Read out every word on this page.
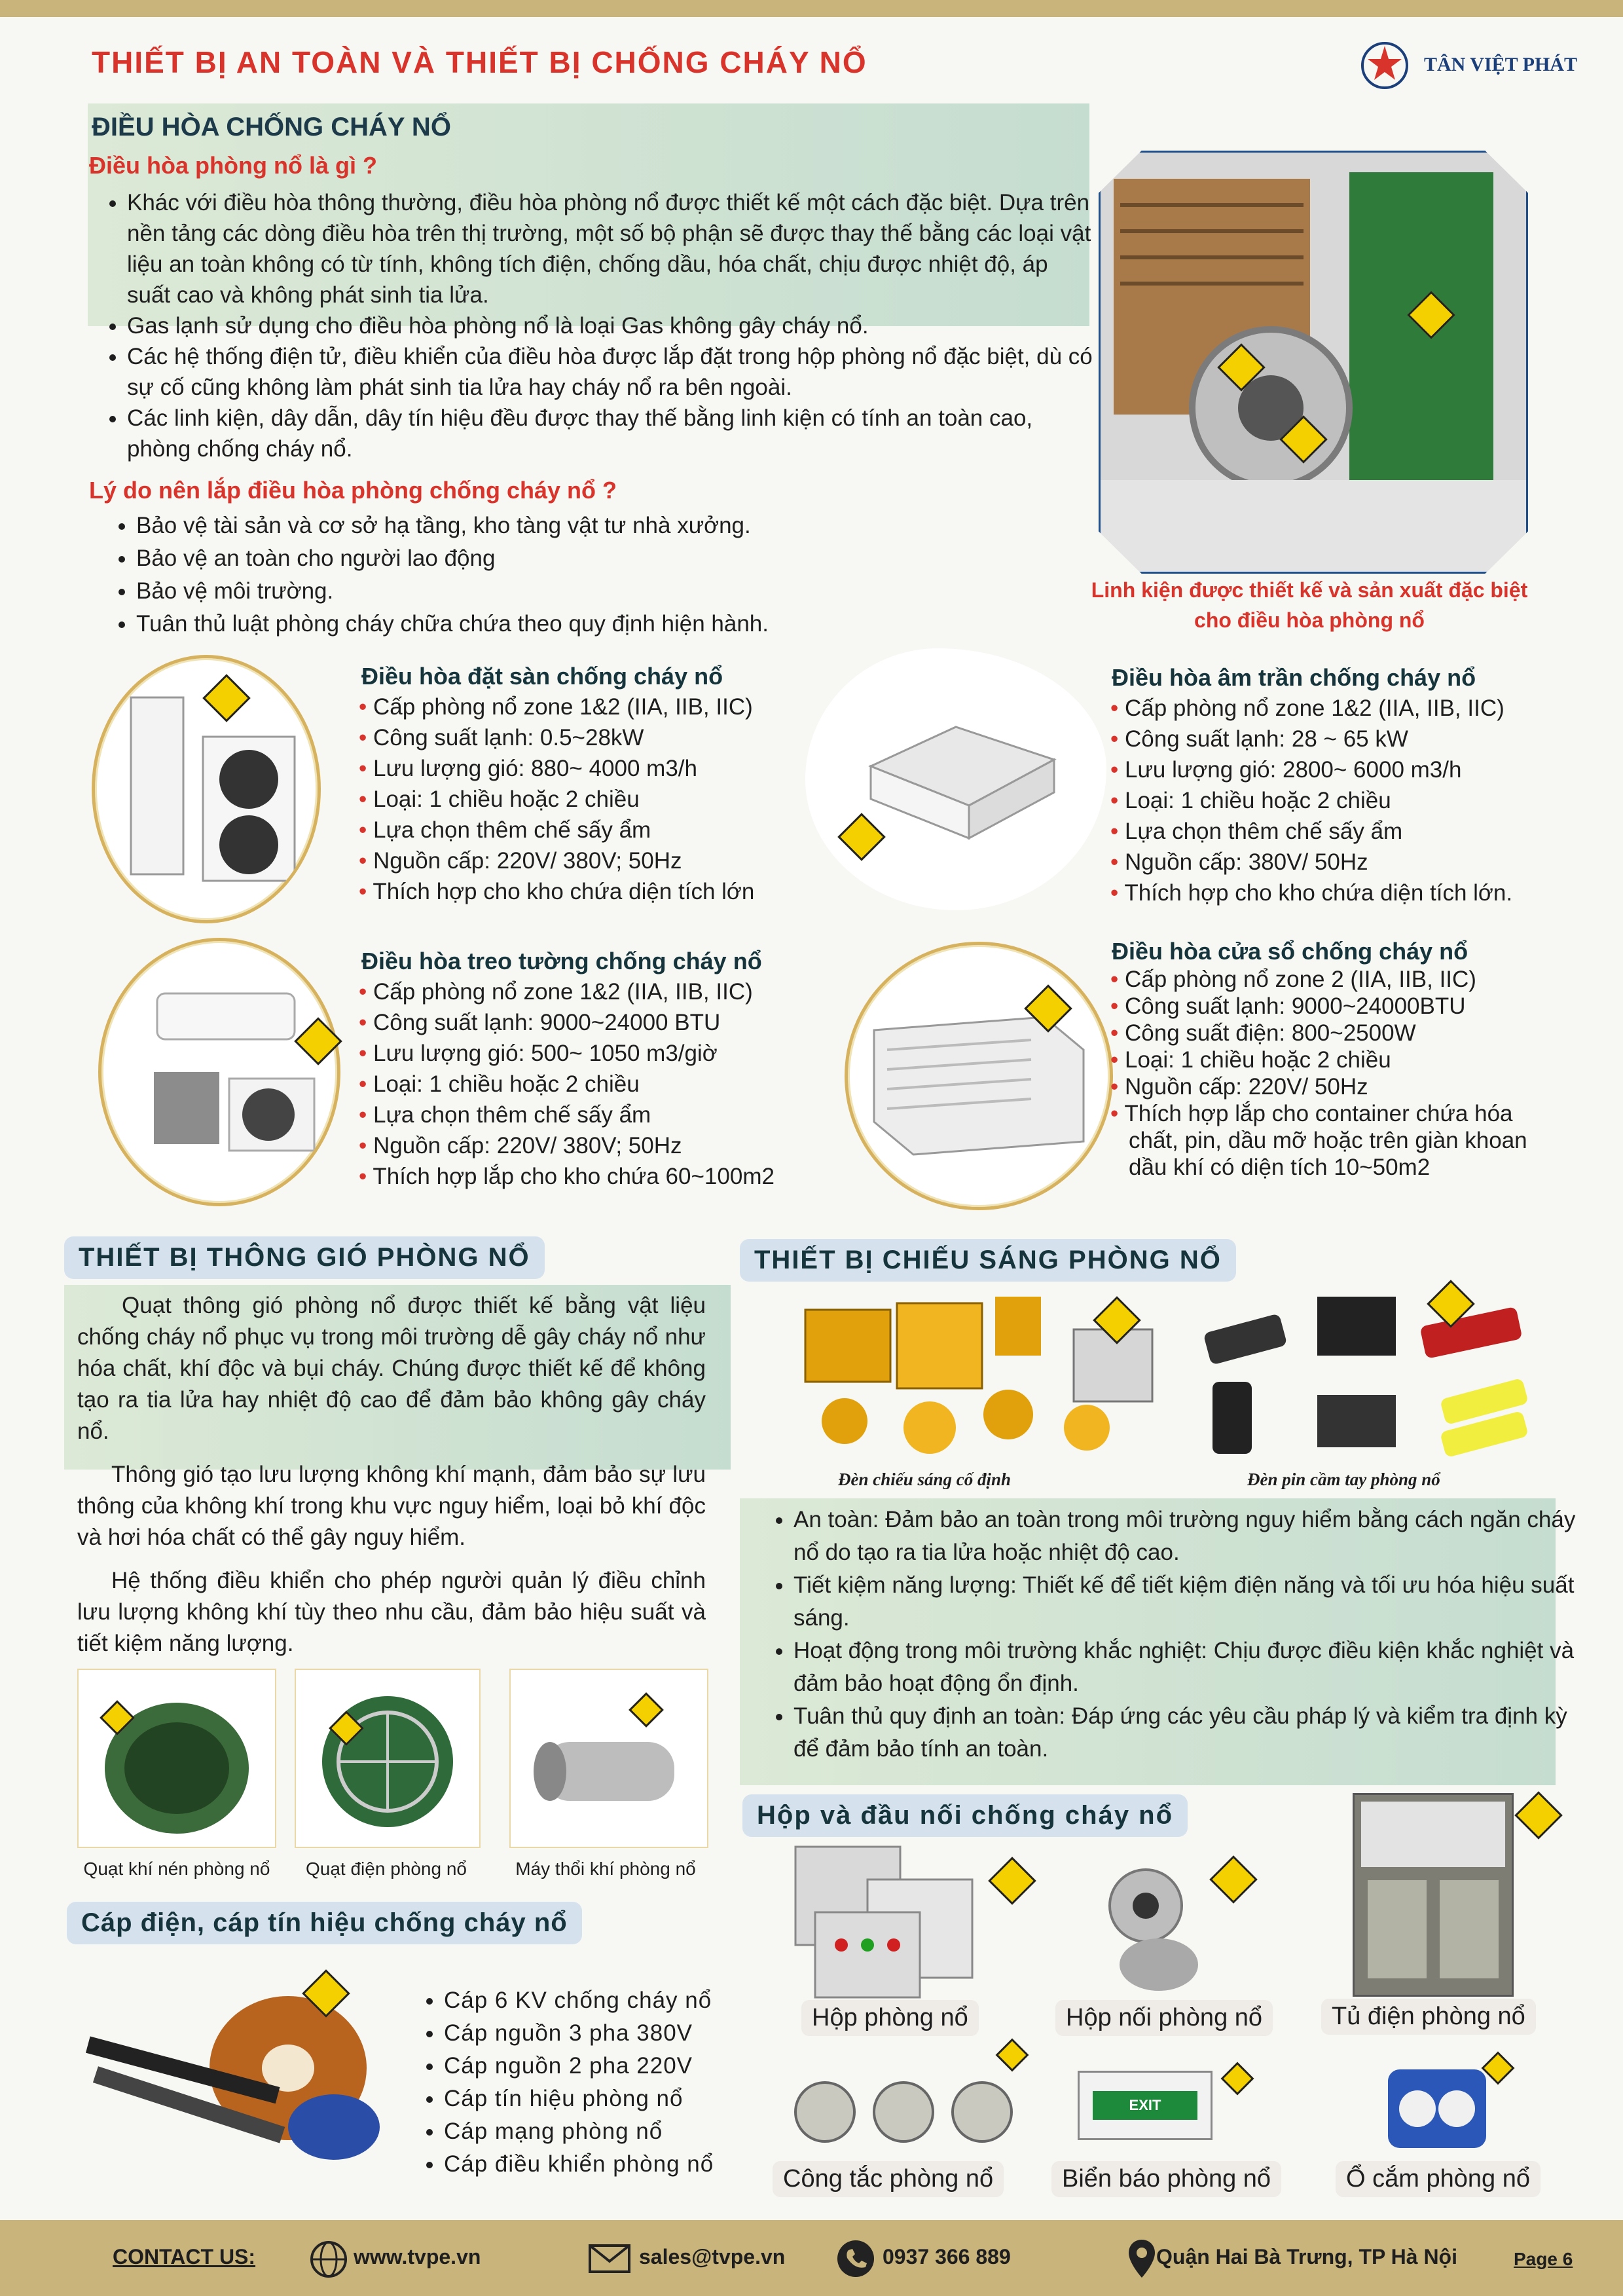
THIẾT BỊ AN TOÀN VÀ THIẾT BỊ CHỐNG CHÁY NỔ	TÂN VIỆT PHÁT
ĐIỀU HÒA CHỐNG CHÁY NỔ
Điều hòa phòng nổ là gì ?
• Khác với điều hòa thông thường, điều hòa phòng nổ được thiết kế một cách đặc biệt. Dựa trên nền tảng các dòng điều hòa trên thị trường, một số bộ phận sẽ được thay thế bằng các loại vật liệu an toàn không có từ tính, không tích điện, chống dầu, hóa chất, chịu được nhiệt độ, áp suất cao và không phát sinh tia lửa.
• Gas lạnh sử dụng cho điều hòa phòng nổ là loại Gas không gây cháy nổ.
• Các hệ thống điện tử, điều khiển của điều hòa được lắp đặt trong hộp phòng nổ đặc biệt, dù có sự cố cũng không làm phát sinh tia lửa hay cháy nổ ra bên ngoài.
• Các linh kiện, dây dẫn, dây tín hiệu đều được thay thế bằng linh kiện có tính an toàn cao, phòng chống cháy nổ.
Lý do nên lắp điều hòa phòng chống cháy nổ ?
• Bảo vệ tài sản và cơ sở hạ tầng, kho tàng vật tư nhà xưởng.
• Bảo vệ an toàn cho người lao động
• Bảo vệ môi trường.
• Tuân thủ luật phòng cháy chữa chứa theo quy định hiện hành.
Linh kiện được thiết kế và sản xuất đặc biệt cho điều hòa phòng nổ
Điều hòa đặt sàn chống cháy nổ
• Cấp phòng nổ zone 1&2 (IIA, IIB, IIC)
• Công suất lạnh: 0.5~28kW
• Lưu lượng gió: 880~ 4000 m3/h
• Loại: 1 chiều hoặc 2 chiều
• Lựa chọn thêm chế sấy ẩm
• Nguồn cấp: 220V/ 380V; 50Hz
• Thích hợp cho kho chứa diện tích lớn
Điều hòa âm trần chống cháy nổ
• Cấp phòng nổ zone 1&2 (IIA, IIB, IIC)
• Công suất lạnh: 28 ~ 65 kW
• Lưu lượng gió: 2800~ 6000 m3/h
• Loại: 1 chiều hoặc 2 chiều
• Lựa chọn thêm chế sấy ẩm
• Nguồn cấp: 380V/ 50Hz
• Thích hợp cho kho chứa diện tích lớn.
Điều hòa treo tường chống cháy nổ
• Cấp phòng nổ zone 1&2 (IIA, IIB, IIC)
• Công suất lạnh: 9000~24000 BTU
• Lưu lượng gió: 500~ 1050 m3/giờ
• Loại: 1 chiều hoặc 2 chiều
• Lựa chọn thêm chế sấy ẩm
• Nguồn cấp: 220V/ 380V; 50Hz
• Thích hợp lắp cho kho chứa 60~100m2
Điều hòa cửa sổ chống cháy nổ
• Cấp phòng nổ zone 2 (IIA, IIB, IIC)
• Công suất lạnh: 9000~24000BTU
• Công suất điện: 800~2500W
• Loại: 1 chiều hoặc 2 chiều
• Nguồn cấp: 220V/ 50Hz
• Thích hợp lắp cho container chứa hóa chất, pin, dầu mỡ hoặc trên giàn khoan dầu khí có diện tích 10~50m2
THIẾT BỊ THÔNG GIÓ PHÒNG NỔ
Quạt thông gió phòng nổ được thiết kế bằng vật liệu chống cháy nổ phục vụ trong môi trường dễ gây cháy nổ như hóa chất, khí độc và bụi cháy. Chúng được thiết kế để không tạo ra tia lửa hay nhiệt độ cao để đảm bảo không gây cháy nổ.
Thông gió tạo lưu lượng không khí mạnh, đảm bảo sự lưu thông của không khí trong khu vực nguy hiểm, loại bỏ khí độc và hơi hóa chất có thể gây nguy hiểm.
Hệ thống điều khiển cho phép người quản lý điều chỉnh lưu lượng không khí tùy theo nhu cầu, đảm bảo hiệu suất và tiết kiệm năng lượng.
Quạt khí nén phòng nổ	Quạt điện phòng nổ	Máy thổi khí phòng nổ
Cáp điện, cáp tín hiệu chống cháy nổ
• Cáp 6 KV chống cháy nổ
• Cáp nguồn 3 pha 380V
• Cáp nguồn 2 pha 220V
• Cáp tín hiệu phòng nổ
• Cáp mạng phòng nổ
• Cáp điều khiển phòng nổ
THIẾT BỊ CHIẾU SÁNG PHÒNG NỔ
Đèn chiếu sáng cố định	Đèn pin cầm tay phòng nổ
• An toàn: Đảm bảo an toàn trong môi trường nguy hiểm bằng cách ngăn cháy nổ do tạo ra tia lửa hoặc nhiệt độ cao.
• Tiết kiệm năng lượng: Thiết kế để tiết kiệm điện năng và tối ưu hóa hiệu suất sáng.
• Hoạt động trong môi trường khắc nghiệt: Chịu được điều kiện khắc nghiệt và đảm bảo hoạt động ổn định.
• Tuân thủ quy định an toàn: Đáp ứng các yêu cầu pháp lý và kiểm tra định kỳ để đảm bảo tính an toàn.
Hộp và đầu nối chống cháy nổ
Hộp phòng nổ	Hộp nối phòng nổ	Tủ điện phòng nổ
EXIT
Công tắc phòng nổ	Biển báo phòng nổ	Ổ cắm phòng nổ
CONTACT US:	www.tvpe.vn	sales@tvpe.vn	0937 366 889	Quận Hai Bà Trưng, TP Hà Nội	Page 6
